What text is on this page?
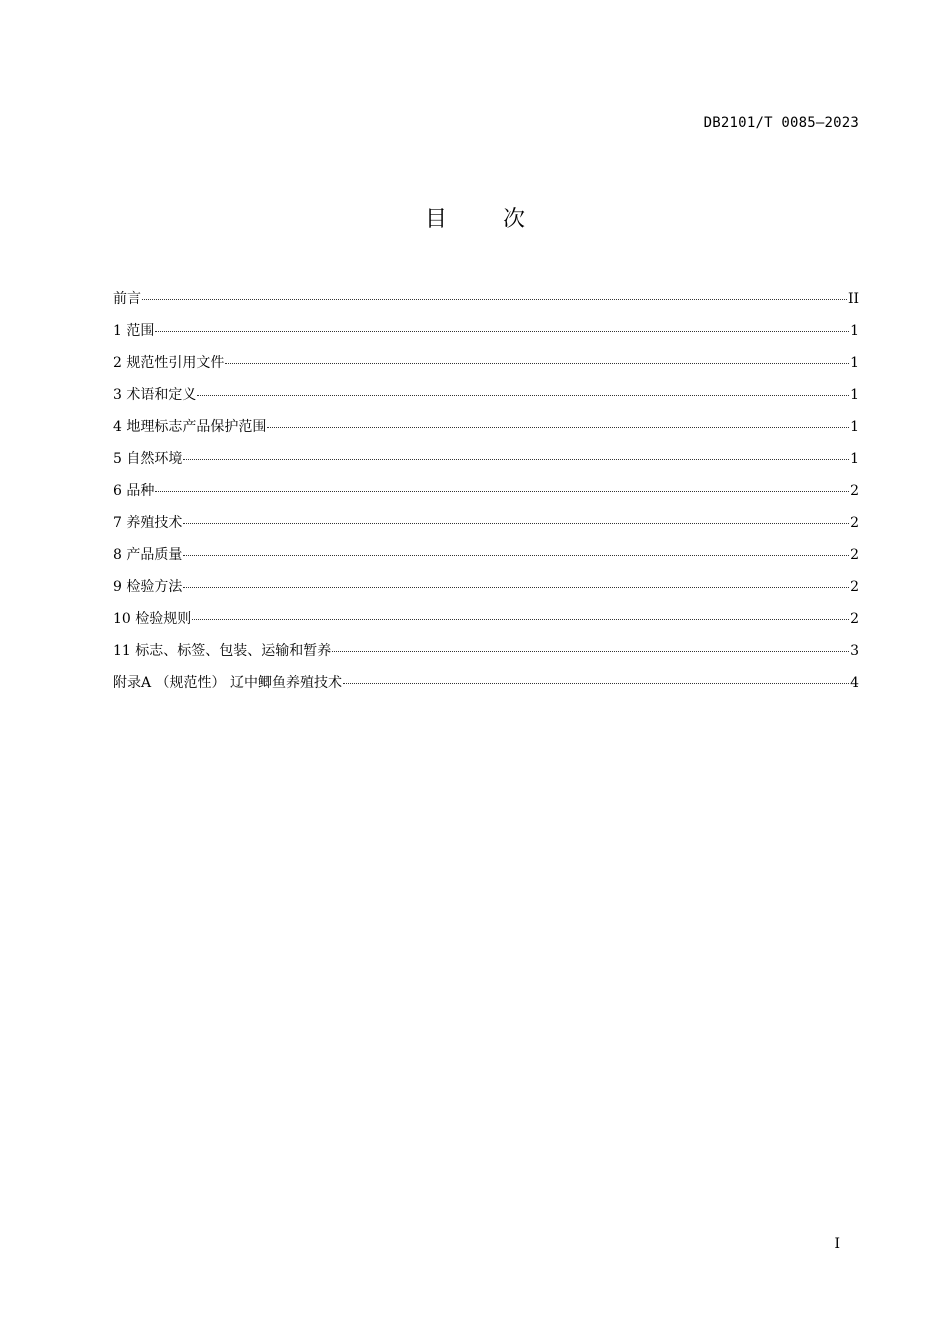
DB2101/T 0085—2023
目次
前言	II
1 范围	1
2 规范性引用文件	1
3 术语和定义	1
4 地理标志产品保护范围	1
5 自然环境	1
6 品种	2
7 养殖技术	2
8 产品质量	2
9 检验方法	2
10 检验规则	2
11 标志、标签、包装、运输和暂养	3
附录A （规范性） 辽中鲫鱼养殖技术	4
I
